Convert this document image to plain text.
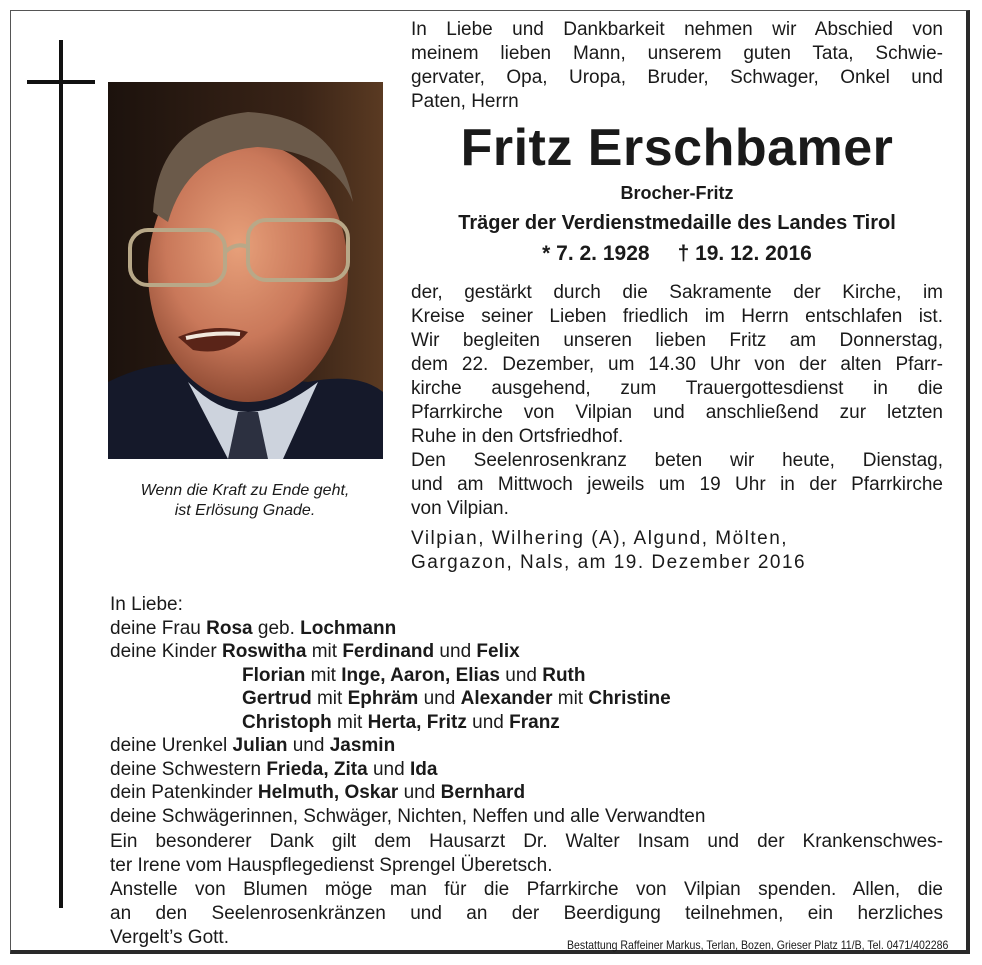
Wenn die Kraft zu Ende geht,
ist Erlösung Gnade.
In Liebe und Dankbarkeit nehmen wir Abschied von
meinem lieben Mann, unserem guten Tata, Schwie-
gervater, Opa, Uropa, Bruder, Schwager, Onkel und
Paten, Herrn
Fritz Erschbamer
Brocher-Fritz
Träger der Verdienstmedaille des Landes Tirol
* 7. 2. 1928 † 19. 12. 2016
der, gestärkt durch die Sakramente der Kirche, im
Kreise seiner Lieben friedlich im Herrn entschlafen ist.
Wir begleiten unseren lieben Fritz am Donnerstag,
dem 22. Dezember, um 14.30 Uhr von der alten Pfarr-
kirche ausgehend, zum Trauergottesdienst in die
Pfarrkirche von Vilpian und anschließend zur letzten
Ruhe in den Ortsfriedhof.
Den Seelenrosenkranz beten wir heute, Dienstag,
und am Mittwoch jeweils um 19 Uhr in der Pfarrkirche
von Vilpian.
Vilpian, Wilhering (A), Algund, Mölten,
Gargazon, Nals, am 19. Dezember 2016
In Liebe:
deine Frau Rosa geb. Lochmann
deine Kinder Roswitha mit Ferdinand und Felix
Florian mit Inge, Aaron, Elias und Ruth
Gertrud mit Ephräm und Alexander mit Christine
Christoph mit Herta, Fritz und Franz
deine Urenkel Julian und Jasmin
deine Schwestern Frieda, Zita und Ida
dein Patenkinder Helmuth, Oskar und Bernhard
deine Schwägerinnen, Schwäger, Nichten, Neffen und alle Verwandten
Ein besonderer Dank gilt dem Hausarzt Dr. Walter Insam und der Krankenschwes-
ter Irene vom Hauspflegedienst Sprengel Überetsch.
Anstelle von Blumen möge man für die Pfarrkirche von Vilpian spenden. Allen, die
an den Seelenrosenkränzen und an der Beerdigung teilnehmen, ein herzliches
Vergelt’s Gott.	Bestattung Raffeiner Markus, Terlan, Bozen, Grieser Platz 11/B, Tel. 0471/402286
